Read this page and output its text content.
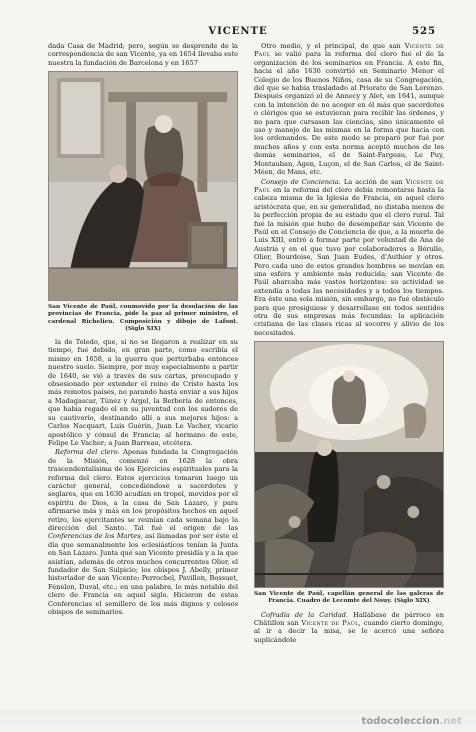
VICENTE	525

dada Casa de Madrid; pero, según se desprende de la correspondencia de san Vicente, ya en 1654 llevaba este nuestra la fundación de Barcelona y en 1657

San Vicente de Paúl, conmovido por la desolación de las provincias de Francia, pide la paz al primer ministro, el cardenal Richelieu. Composición y dibujo de Lafont. (Siglo XIX)

la de Toledo, que, si no se llegaron a realizar en su tiempo, fué debido, en gran parte, como escribía el mismo en 1658, a la guerra que perturbaba entonces nuestro suelo. Siempre, por muy especialmente a partir de 1640, se vió a través de sus cartas, preocupado y obsesionado por extender el reino de Cristo hasta los más remotos países, no parando hasta enviar a sus hijos a Madagascar, Túnez y Argel, la Berbería de entonces, que había regado el en su juventud con los sudores de su cautiverio, destinando allí a sus mejores hijos: a Carlos Nacquart, Luis Guérin, Juan Le Vacher, vicario apostólico y cónsul de Francia; al hermano de este, Felipe Le Vacher; a Juan Barreau, etcétera.

Reforma del clero. Apenas fundada la Congregación de la Misión, comenzó en 1628 la obra trascendentalísima de los Ejercicios espirituales para la reforma del clero. Estos ejercicios tomaron luego un carácter general, concediéndose a sacerdotes y seglares, que en 1630 acudían en tropel, movidos por el espíritu de Dios, a la casa de San Lázaro, y para afirmarse más y más en los propósitos hechos en aquel retiro, los ejercitantes se reunían cada semana bajo la dirección del Santo. Tal fué el origen de las Conferencias de los Martes, así llamadas por ser éste el día que semanalmente los eclesiásticos tenían la Junta en San Lázaro. Junta que san Vicente presidía y a la que asistían, además de otros muchos concurrentes Olier, el fundador de San Sulpicio; los obispos J. Abelly, primer historiador de san Vicente; Perrochel, Pavillon, Bossuet, Fénelon, Duval, etc.; en una palabra, lo más notable del clero de Francia en aquel siglo. Hicieron de estas Conferencias el semillero de los más dignos y celosos obispos de seminarios.

Otro medio, y el principal, de que san Vicente de Paúl se valió para la reforma del clero fué el de la organización de los seminarios en Francia. A este fin, hacia el año 1636 convirtió en Seminario Menor el Colegio de los Buenos Niños, casa de su Congregación, del que se había trasladado al Priorato de San Lorenzo. Después organizó el de Annecy y Alet, en 1641, aunque con la intención de no acoger en él más que sacerdotes o clérigos que se estuvieran para recibir las órdenes, y no para que cursasen las ciencias, sino únicamente el uso y manejo de las mismas en la forma que hacía con los ordenandos. De este modo se preparó por fué por muchos años y con esta norma aceptó muchos de los demás seminarios, el de Saint-Fargeau, Le Puy, Montauban, Agen, Luçon, el de San Carlos, el de Saint-Méen, de Mans, etc.

Consejo de Conciencia. La acción de san Vicente de Paúl en la reforma del clero debía remontarse hasta la cabeza misma de la Iglesia de Francia, en aquel clero aristócrata que, en su generalidad, no distaba menos de la perfección propia de su estado que el clero rural. Tal fué la misión que hubo de desempeñar san Vicente de Paúl en el Consejo de Conciencia de que, a la muerte de Luis XIII, entró a formar parte por voluntad de Ana de Austria y en el que tuvo por colaboradores a Bérulle, Olier, Bourdoise, San Juan Eudes, d'Authier y otros. Pero cada uno de estos grandes hombres se movían en una esfera y ambiente más reducida; san Vicente de Paúl abarcaba más vastos horizontes: su actividad se extendía a todas las necesidades y a todos los tiempos. Era éste una sola misión, sin embargo, no fué obstáculo para que prosiguiese y desarrollase en todos sentidos otra de sus empresas más fecundas: la aplicación cristiana de las clases ricas al socorro y alivio de los necesitados.

San Vicente de Paúl, capellán general de las galeras de Francia. Cuadro de Lecomte del Nouy. (Siglo XIX)

Cofradía de la Caridad. Hallábase de párroco en Châtillon san Vicente de Paúl, cuando cierto domingo, al ir a decir la misa, se le acercó una señora suplicándole

todocoleccion.net
